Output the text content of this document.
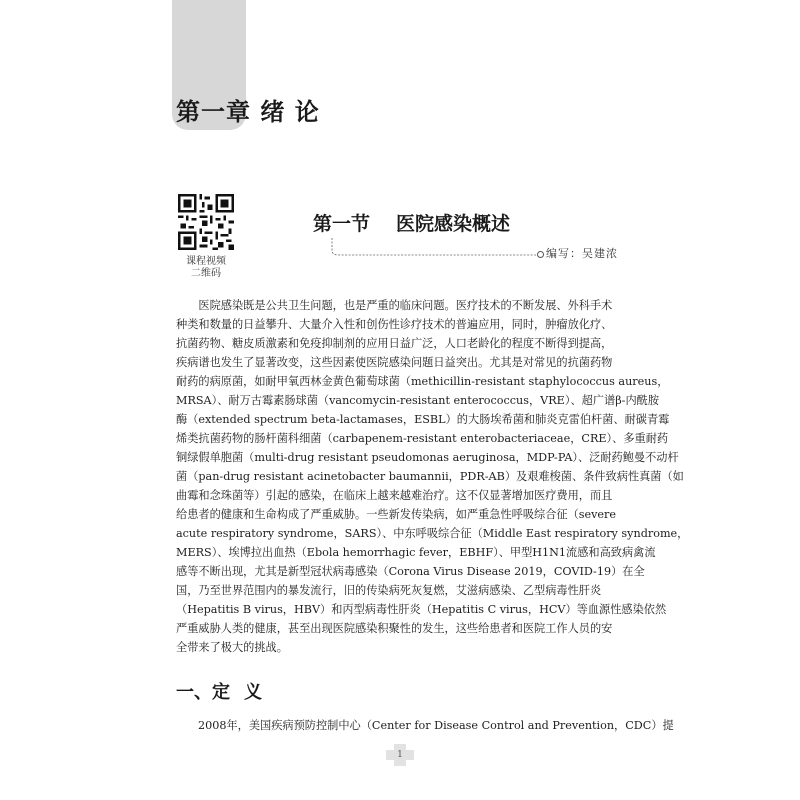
第一章 绪 论
课程视频
二维码
第一节 医院感染概述
编写：吴建浓
　　医院感染既是公共卫生问题，也是严重的临床问题。医疗技术的不断发展、外科手术
种类和数量的日益攀升、大量介入性和创伤性诊疗技术的普遍应用，同时，肿瘤放化疗、
抗菌药物、糖皮质激素和免疫抑制剂的应用日益广泛，人口老龄化的程度不断得到提高，
疾病谱也发生了显著改变，这些因素使医院感染问题日益突出。尤其是对常见的抗菌药物
耐药的病原菌，如耐甲氧西林金黄色葡萄球菌（methicillin-resistant staphylococcus aureus，
MRSA）、耐万古霉素肠球菌（vancomycin-resistant enterococcus，VRE）、超广谱β-内酰胺
酶（extended spectrum beta-lactamases，ESBL）的大肠埃希菌和肺炎克雷伯杆菌、耐碳青霉
烯类抗菌药物的肠杆菌科细菌（carbapenem-resistant enterobacteriaceae，CRE）、多重耐药
铜绿假单胞菌（multi-drug resistant pseudomonas aeruginosa，MDP-PA）、泛耐药鲍曼不动杆
菌（pan-drug resistant acinetobacter baumannii，PDR-AB）及艰难梭菌、条件致病性真菌（如
曲霉和念珠菌等）引起的感染，在临床上越来越难治疗。这不仅显著增加医疗费用，而且
给患者的健康和生命构成了严重威胁。一些新发传染病，如严重急性呼吸综合征（severe
acute respiratory syndrome，SARS）、中东呼吸综合征（Middle East respiratory syndrome，
MERS）、埃博拉出血热（Ebola hemorrhagic fever，EBHF）、甲型H1N1流感和高致病禽流
感等不断出现，尤其是新型冠状病毒感染（Corona Virus Disease 2019，COVID-19）在全
国，乃至世界范围内的暴发流行，旧的传染病死灰复燃，艾滋病感染、乙型病毒性肝炎
（Hepatitis B virus，HBV）和丙型病毒性肝炎（Hepatitis C virus，HCV）等血源性感染依然
严重威胁人类的健康，甚至出现医院感染积聚性的发生，这些给患者和医院工作人员的安
全带来了极大的挑战。
一、定 义
2008年，美国疾病预防控制中心（Center for Disease Control and Prevention，CDC）提
1
